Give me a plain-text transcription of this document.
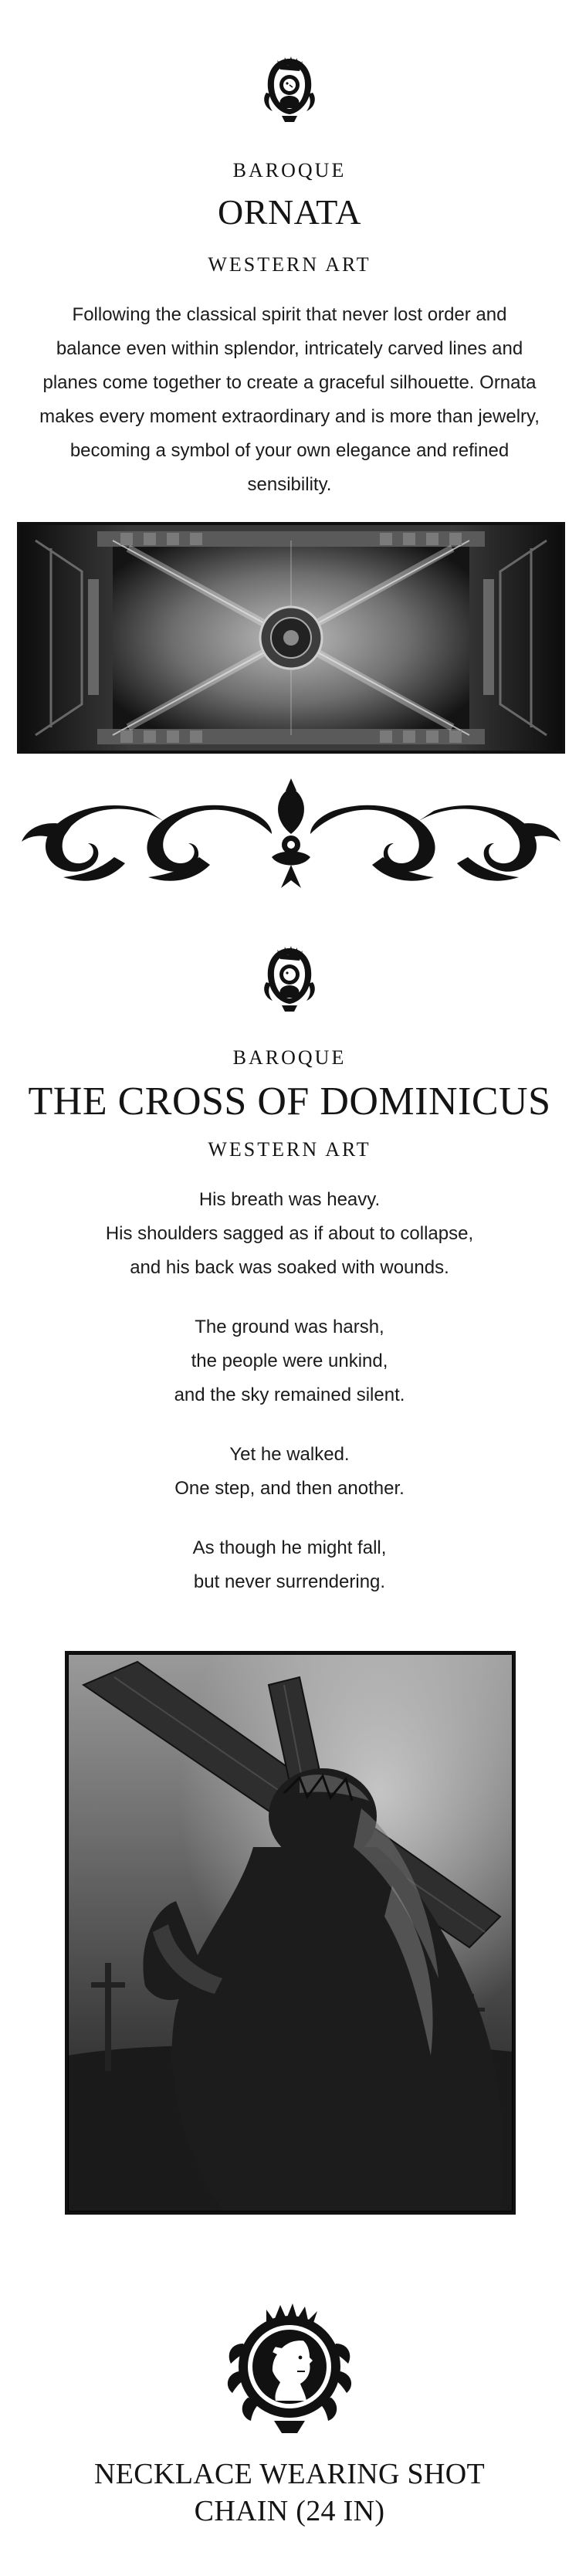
BAROQUE
ORNATA
WESTERN ART
Following the classical spirit that never lost order and balance even within splendor, intricately carved lines and planes come together to create a graceful silhouette. Ornata makes every moment extraordinary and is more than jewelry, becoming a symbol of your own elegance and refined sensibility.
BAROQUE
THE CROSS OF DOMINICUS
WESTERN ART

His breath was heavy.

His shoulders sagged as if about to collapse,

and his back was soaked with wounds.

The ground was harsh,

the people were unkind,

and the sky remained silent.

Yet he walked.

One step, and then another.

As though he might fall,

but never surrendering.

NECKLACE WEARING SHOT
CHAIN (24 IN)
